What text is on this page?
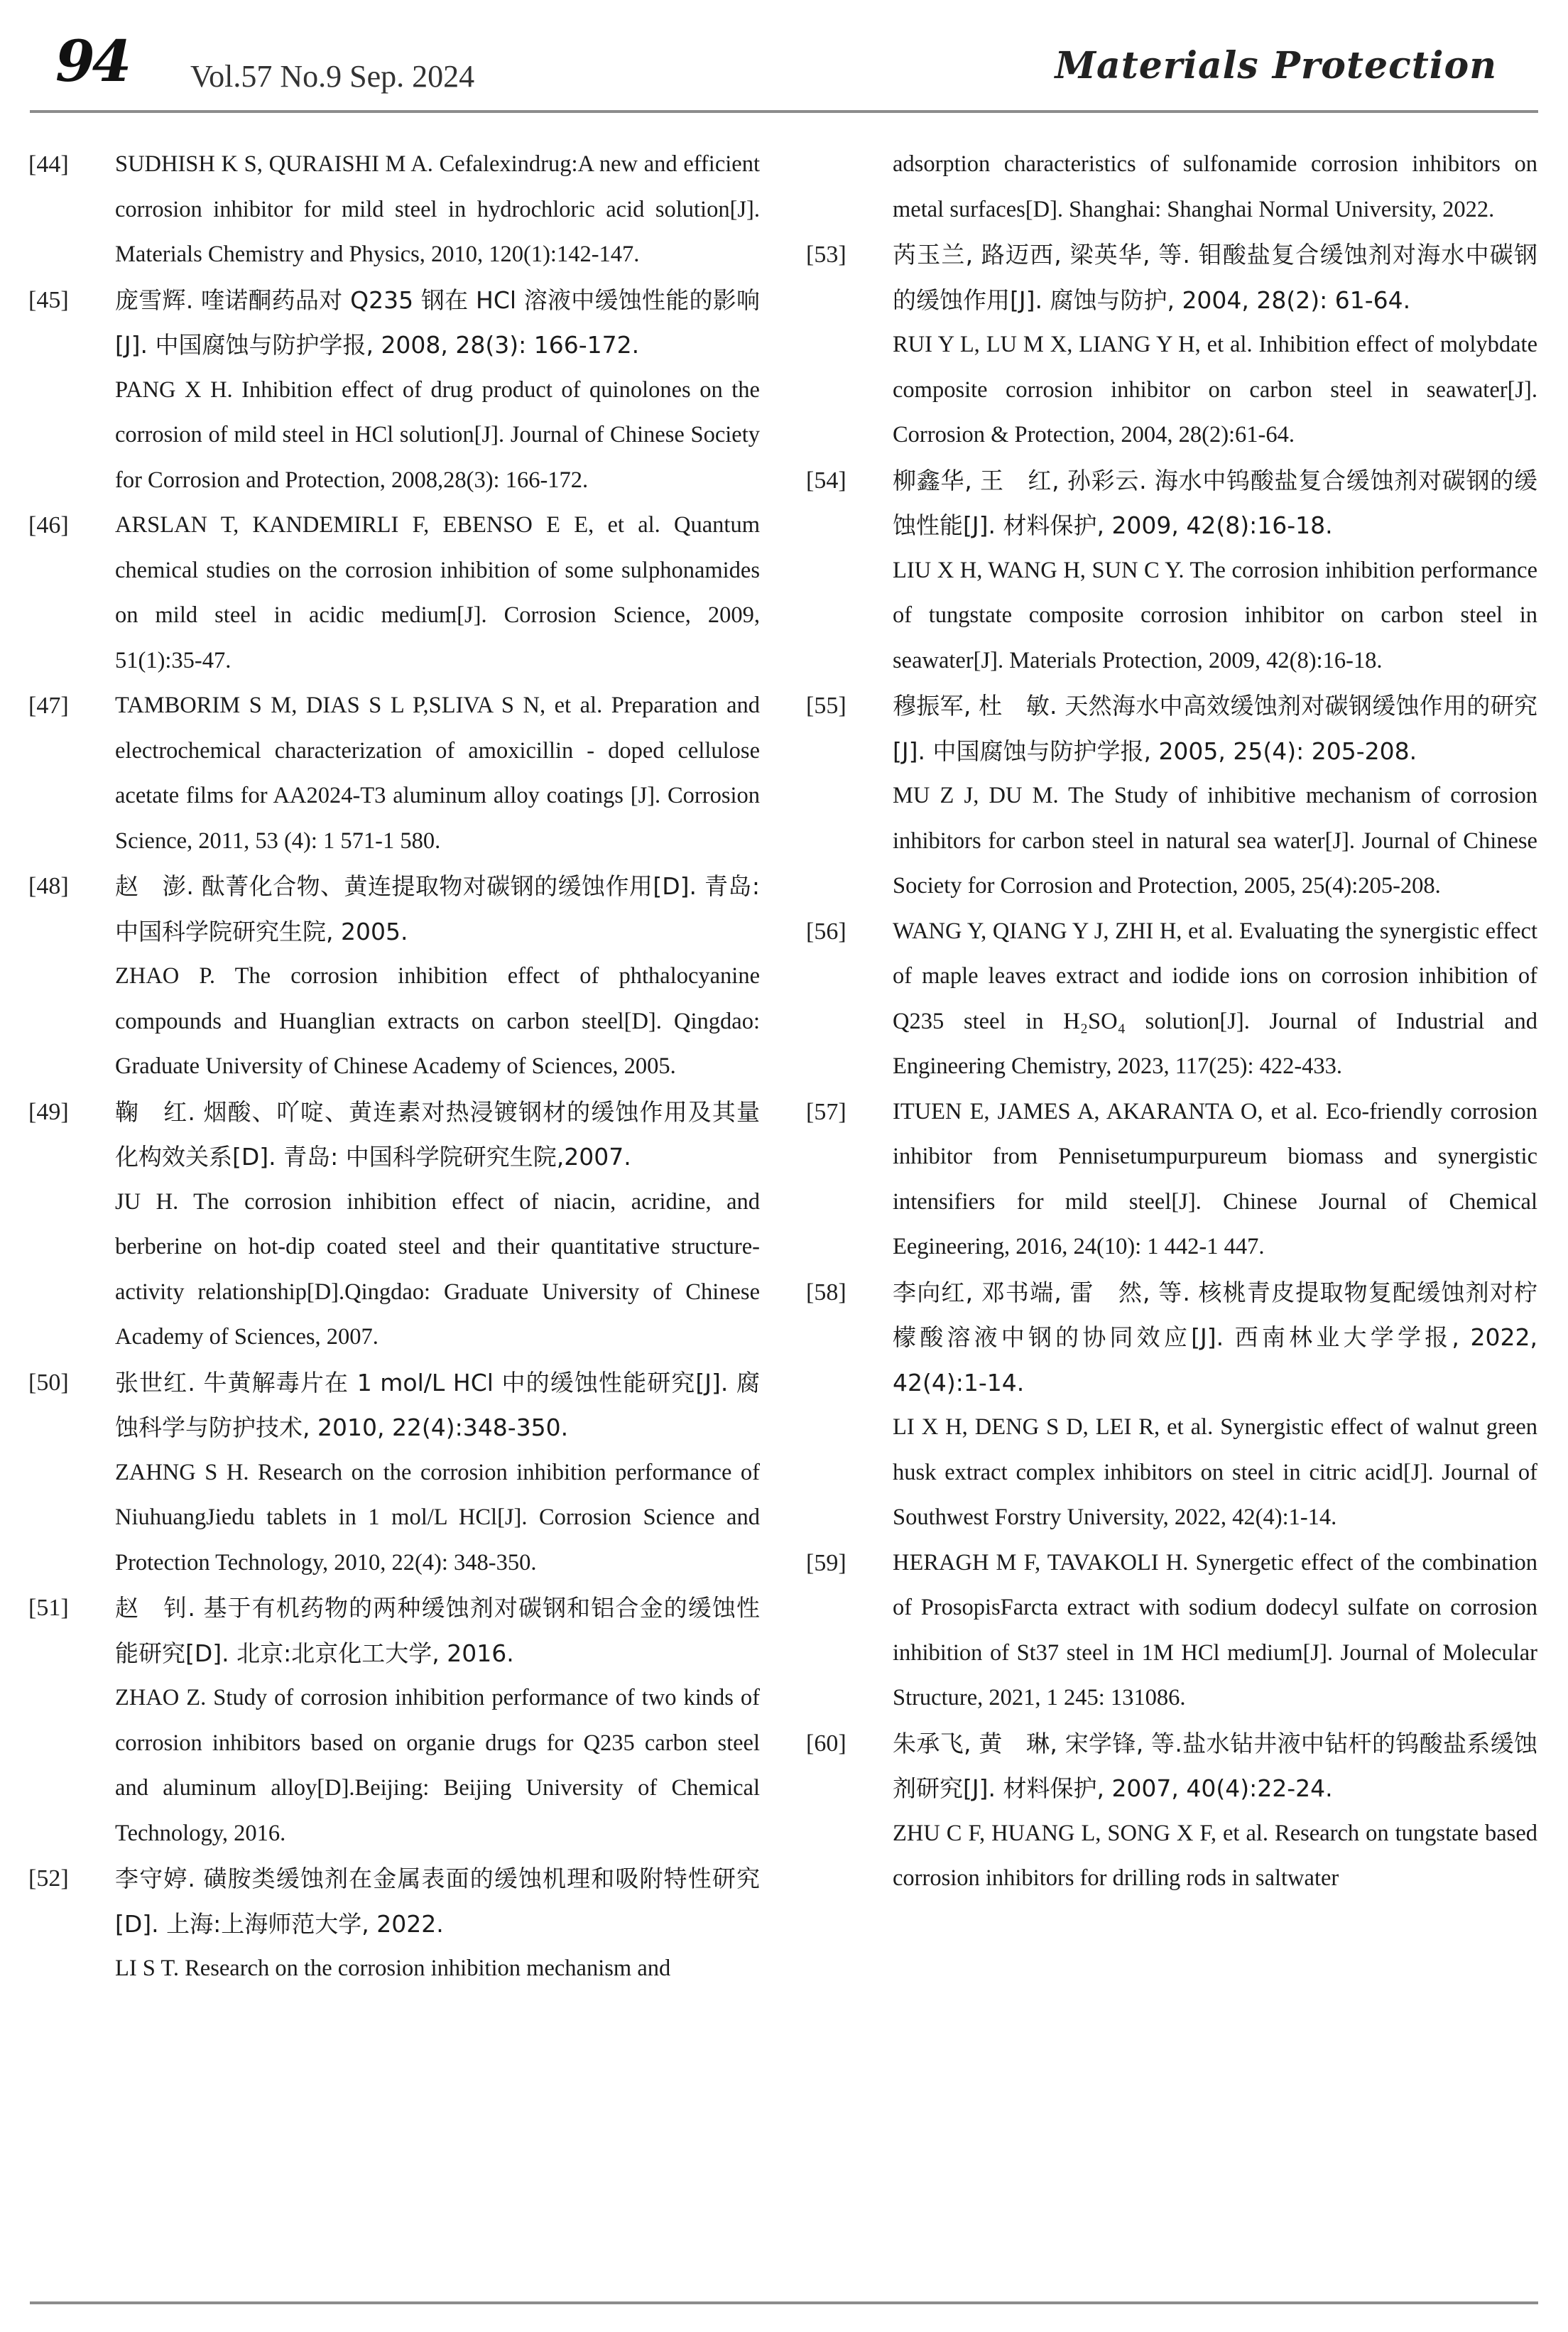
94 Vol.57 No.9 Sep. 2024	Materials Protection
[44] SUDHISH K S, QURAISHI M A. Cefalexindrug:A new and efficient corrosion inhibitor for mild steel in hydrochloric acid solution[J]. Materials Chemistry and Physics, 2010, 120(1):142-147.

[45] 庞雪辉. 喹诺酮药品对 Q235 钢在 HCl 溶液中缓蚀性能的影响[J]. 中国腐蚀与防护学报, 2008, 28(3): 166-172.

PANG X H. Inhibition effect of drug product of quinolones on the corrosion of mild steel in HCl solution[J]. Journal of Chinese Society for Corrosion and Protection, 2008,28(3): 166-172.

[46] ARSLAN T, KANDEMIRLI F, EBENSO E E, et al. Quantum chemical studies on the corrosion inhibition of some sulphonamides on mild steel in acidic medium[J]. Corrosion Science, 2009, 51(1):35-47.

[47] TAMBORIM S M, DIAS S L P,SLIVA S N, et al. Preparation and electrochemical characterization of amoxicillin - doped cellulose acetate films for AA2024-T3 aluminum alloy coatings [J]. Corrosion Science, 2011, 53 (4): 1 571-1 580.

[48] 赵　澎. 酞菁化合物、黄连提取物对碳钢的缓蚀作用[D]. 青岛:中国科学院研究生院, 2005.

ZHAO P. The corrosion inhibition effect of phthalocyanine compounds and Huanglian extracts on carbon steel[D]. Qingdao: Graduate University of Chinese Academy of Sciences, 2005.

[49] 鞠　红. 烟酸、吖啶、黄连素对热浸镀钢材的缓蚀作用及其量化构效关系[D]. 青岛: 中国科学院研究生院,2007.

JU H. The corrosion inhibition effect of niacin, acridine, and berberine on hot-dip coated steel and their quantitative structure-activity relationship[D].Qingdao: Graduate University of Chinese Academy of Sciences, 2007.

[50] 张世红. 牛黄解毒片在 1 mol/L HCl 中的缓蚀性能研究[J]. 腐蚀科学与防护技术, 2010, 22(4):348-350.

ZAHNG S H. Research on the corrosion inhibition performance of NiuhuangJiedu tablets in 1 mol/L HCl[J]. Corrosion Science and Protection Technology, 2010, 22(4): 348-350.

[51] 赵　钊. 基于有机药物的两种缓蚀剂对碳钢和铝合金的缓蚀性能研究[D]. 北京:北京化工大学, 2016.

ZHAO Z. Study of corrosion inhibition performance of two kinds of corrosion inhibitors based on organie drugs for Q235 carbon steel and aluminum alloy[D].Beijing: Beijing University of Chemical Technology, 2016.

[52] 李守婷. 磺胺类缓蚀剂在金属表面的缓蚀机理和吸附特性研究[D]. 上海:上海师范大学, 2022.

LI S T. Research on the corrosion inhibition mechanism and

adsorption characteristics of sulfonamide corrosion inhibitors on metal surfaces[D]. Shanghai: Shanghai Normal University, 2022.

[53] 芮玉兰, 路迈西, 梁英华, 等. 钼酸盐复合缓蚀剂对海水中碳钢的缓蚀作用[J]. 腐蚀与防护, 2004, 28(2): 61-64.

RUI Y L, LU M X, LIANG Y H, et al. Inhibition effect of molybdate composite corrosion inhibitor on carbon steel in seawater[J]. Corrosion & Protection, 2004, 28(2):61-64.

[54] 柳鑫华, 王　红, 孙彩云. 海水中钨酸盐复合缓蚀剂对碳钢的缓蚀性能[J]. 材料保护, 2009, 42(8):16-18.

LIU X H, WANG H, SUN C Y. The corrosion inhibition performance of tungstate composite corrosion inhibitor on carbon steel in seawater[J]. Materials Protection, 2009, 42(8):16-18.

[55] 穆振军, 杜　敏. 天然海水中高效缓蚀剂对碳钢缓蚀作用的研究[J]. 中国腐蚀与防护学报, 2005, 25(4): 205-208.

MU Z J, DU M. The Study of inhibitive mechanism of corrosion inhibitors for carbon steel in natural sea water[J]. Journal of Chinese Society for Corrosion and Protection, 2005, 25(4):205-208.

[56] WANG Y, QIANG Y J, ZHI H, et al. Evaluating the synergistic effect of maple leaves extract and iodide ions on corrosion inhibition of Q235 steel in H₂SO₄ solution[J]. Journal of Industrial and Engineering Chemistry, 2023, 117(25): 422-433.

[57] ITUEN E, JAMES A, AKARANTA O, et al. Eco-friendly corrosion inhibitor from Pennisetumpurpureum biomass and synergistic intensifiers for mild steel[J]. Chinese Journal of Chemical Eegineering, 2016, 24(10): 1 442-1 447.

[58] 李向红, 邓书端, 雷　然, 等. 核桃青皮提取物复配缓蚀剂对柠檬酸溶液中钢的协同效应[J]. 西南林业大学学报, 2022, 42(4):1-14.

LI X H, DENG S D, LEI R, et al. Synergistic effect of walnut green husk extract complex inhibitors on steel in citric acid[J]. Journal of Southwest Forstry University, 2022, 42(4):1-14.

[59] HERAGH M F, TAVAKOLI H. Synergetic effect of the combination of ProsopisFarcta extract with sodium dodecyl sulfate on corrosion inhibition of St37 steel in 1M HCl medium[J]. Journal of Molecular Structure, 2021, 1 245: 131086.

[60] 朱承飞, 黄　琳, 宋学锋, 等.盐水钻井液中钻杆的钨酸盐系缓蚀剂研究[J]. 材料保护, 2007, 40(4):22-24.

ZHU C F, HUANG L, SONG X F, et al. Research on tungstate based corrosion inhibitors for drilling rods in saltwater
